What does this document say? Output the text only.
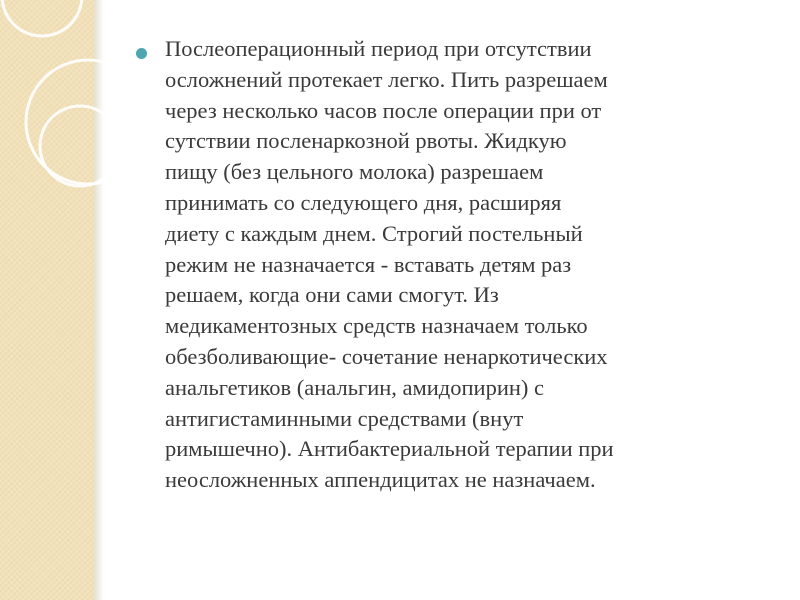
Послеоперационный период при отсутствии
осложнений протекает легко. Пить разрешаем
через несколько часов после операции при от
сутствии посленаркозной рвоты. Жидкую
пищу (без цельного молока) разрешаем
принимать со следующего дня, расширяя
диету с каждым днем. Строгий постельный
режим не назначается - вставать детям раз
решаем, когда они сами смогут. Из
медикаментозных средств назначаем только
обезболивающие- сочетание ненаркотических
анальгетиков (анальгин, амидопирин) с
антигистаминными средствами (внут
римышечно). Антибактериальной терапии при
неосложненных аппендицитах не назначаем.
